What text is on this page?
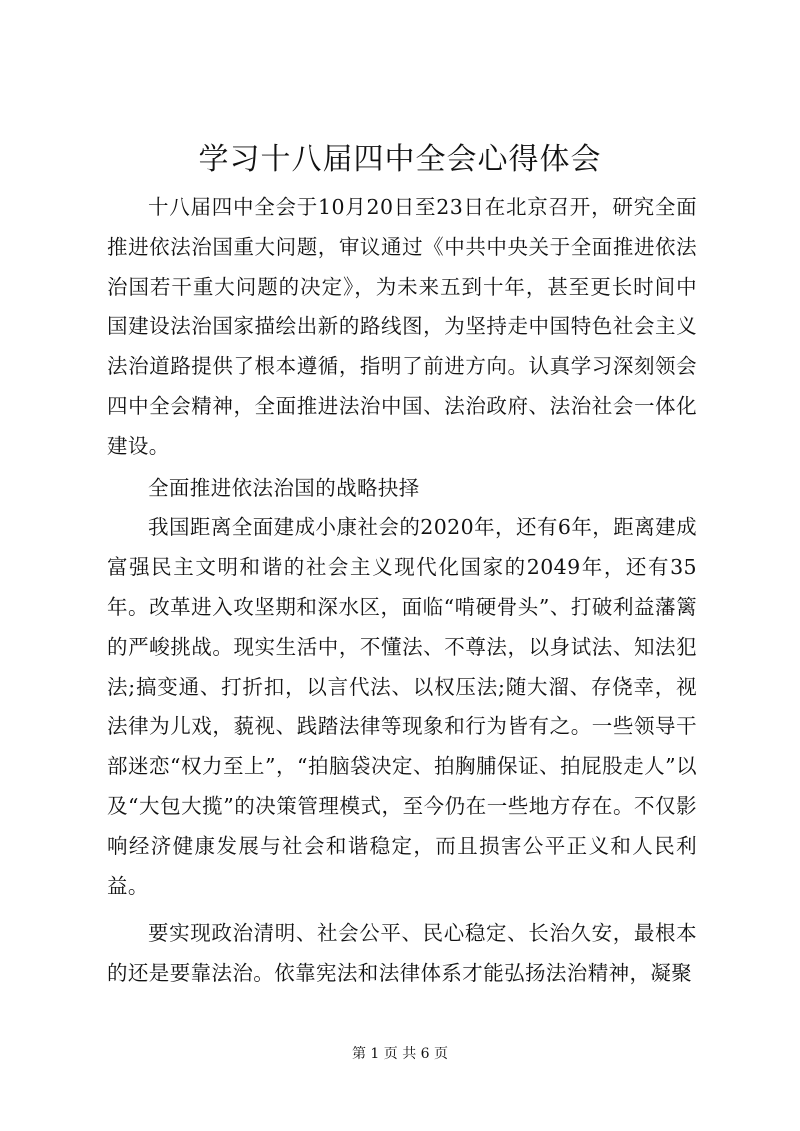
学习十八届四中全会心得体会

十八届四中全会于10月20日至23日在北京召开，研究全面推进依法治国重大问题，审议通过《中共中央关于全面推进依法治国若干重大问题的决定》，为未来五到十年，甚至更长时间中国建设法治国家描绘出新的路线图，为坚持走中国特色社会主义法治道路提供了根本遵循，指明了前进方向。认真学习深刻领会四中全会精神，全面推进法治中国、法治政府、法治社会一体化建设。

全面推进依法治国的战略抉择

我国距离全面建成小康社会的2020年，还有6年，距离建成富强民主文明和谐的社会主义现代化国家的2049年，还有35年。改革进入攻坚期和深水区，面临“啃硬骨头”、打破利益藩篱的严峻挑战。现实生活中，不懂法、不尊法，以身试法、知法犯法;搞变通、打折扣，以言代法、以权压法;随大溜、存侥幸，视法律为儿戏，藐视、践踏法律等现象和行为皆有之。一些领导干部迷恋“权力至上”，“拍脑袋决定、拍胸脯保证、拍屁股走人”以及“大包大揽”的决策管理模式，至今仍在一些地方存在。不仅影响经济健康发展与社会和谐稳定，而且损害公平正义和人民利益。

要实现政治清明、社会公平、民心稳定、长治久安，最根本的还是要靠法治。依靠宪法和法律体系才能弘扬法治精神，凝聚

第 1 页 共 6 页
